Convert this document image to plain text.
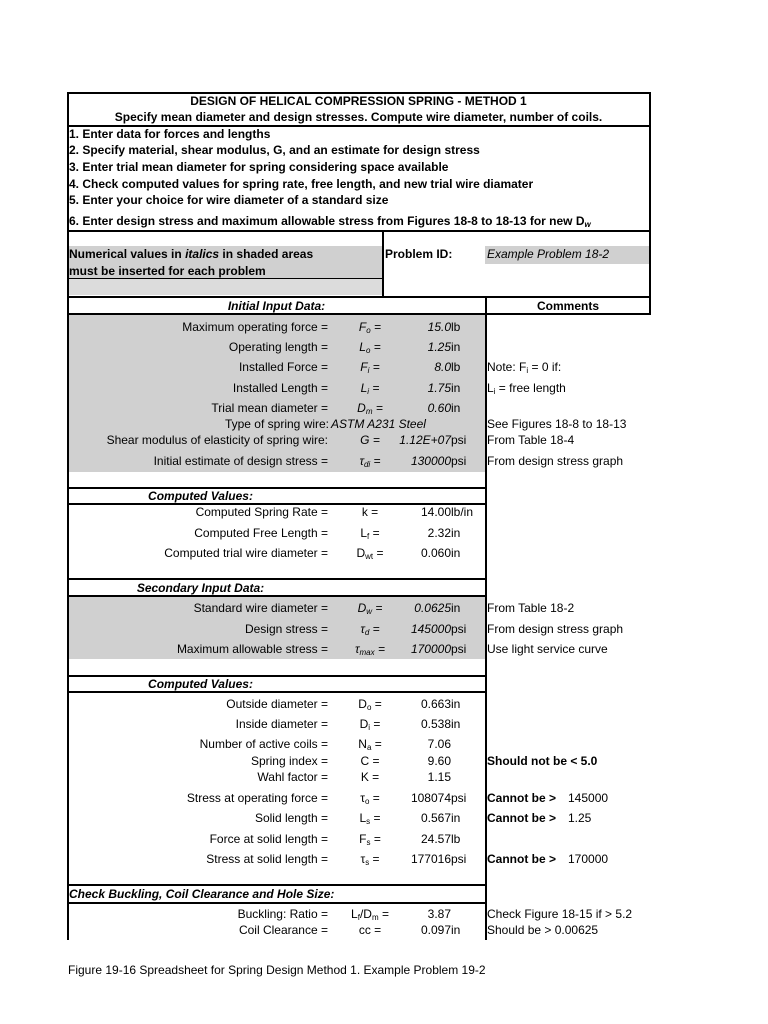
DESIGN OF HELICAL COMPRESSION SPRING - METHOD 1
Specify mean diameter and design stresses. Compute wire diameter, number of coils.
1. Enter data for forces and lengths
2. Specify material, shear modulus, G, and an estimate for design stress
3. Enter trial mean diameter for spring considering space available
4. Check computed values for spring rate, free length, and new trial wire diamater
5. Enter your choice for wire diameter of a standard size
6. Enter design stress and maximum allowable stress from Figures 18-8 to 18-13 for new $D_w$
Numerical values in italics in shaded areas
must be inserted for each problem
Problem ID:	Example Problem 18-2
Initial Input Data:	Comments
Maximum operating force =	$F_o$ =	15.0 lb
Operating length =	$L_o$ =	1.25 in
Installed Force =	$F_i$ =	8.0 lb Note: $F_i = 0$ if:
Installed Length =	$L_i$ =	1.75 in $L_i$ = free length
Trial mean diameter =	$D_m$ =	0.60 in
Type of spring wire: ASTM A231 Steel	See Figures 18-8 to 18-13
Shear modulus of elasticity of spring wire:	G =	1.12E+07 psi From Table 18-4
Initial estimate of design stress =	$\tau_{di}$ =	130000 psi From design stress graph
Computed Values:
Computed Spring Rate =	k =	14.00 lb/in
Computed Free Length =	$L_f$ =	2.32 in
Computed trial wire diameter =	$D_{wt}$ =	0.060 in
Secondary Input Data:
Standard wire diameter =	$D_w$ =	0.0625 in From Table 18-2
Design stress =	$\tau_d$ =	145000 psi From design stress graph
Maximum allowable stress =	$\tau_{max}$ =	170000 psi Use light service curve
Computed Values:
Outside diameter =	$D_o$ =	0.663 in
Inside diameter =	$D_i$ =	0.538 in
Number of active coils =	$N_a$ =	7.06
Spring index =	C =	9.60	Should not be < 5.0
Wahl factor =	K =	1.15
Stress at operating force =	$\tau_o$ =	108074 psi Cannot be > 145000
Solid length =	$L_s$ =	0.567 in Cannot be > 1.25
Force at solid length =	$F_s$ =	24.57 lb
Stress at solid length =	$\tau_s$ =	177016 psi Cannot be > 170000
Check Buckling, Coil Clearance and Hole Size:
Buckling: Ratio =	$L_f/D_m$ =	3.87	Check Figure 18-15 if > 5.2
Coil Clearance =	cc =	0.097 in Should be > 0.00625
Figure 19-16 Spreadsheet for Spring Design Method 1. Example Problem 19-2
